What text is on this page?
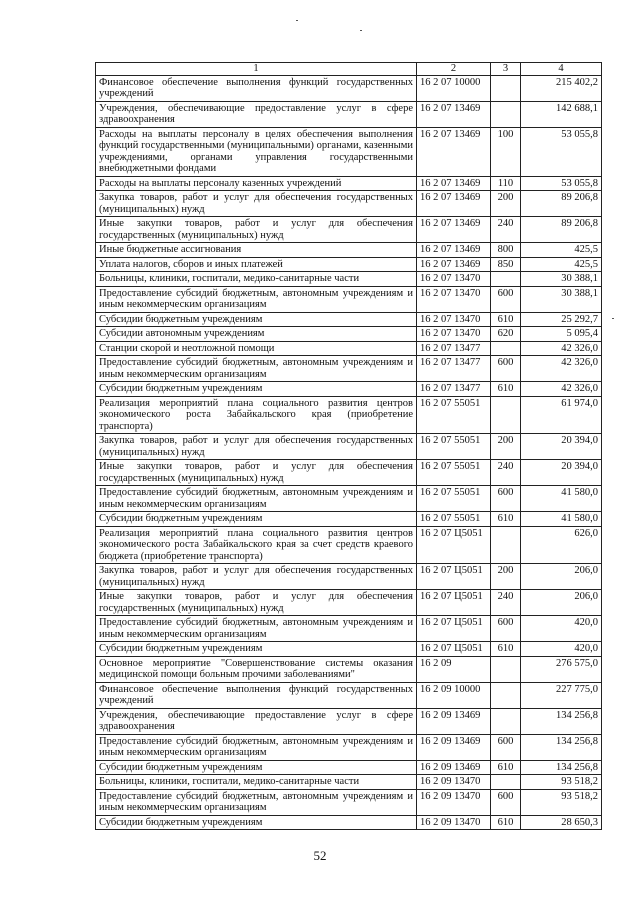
1	2	3	4
Финансовое обеспечение выполнения функций государственных учреждений	16 2 07 10000		215 402,2
Учреждения, обеспечивающие предоставление услуг в сфере здравоохранения	16 2 07 13469		142 688,1
Расходы на выплаты персоналу в целях обеспечения выполнения функций государственными (муниципальными) органами, казенными учреждениями, органами управления государственными внебюджетными фондами	16 2 07 13469	100	53 055,8
Расходы на выплаты персоналу казенных учреждений	16 2 07 13469	110	53 055,8
Закупка товаров, работ и услуг для обеспечения государственных (муниципальных) нужд	16 2 07 13469	200	89 206,8
Иные закупки товаров, работ и услуг для обеспечения государственных (муниципальных) нужд	16 2 07 13469	240	89 206,8
Иные бюджетные ассигнования	16 2 07 13469	800	425,5
Уплата налогов, сборов и иных платежей	16 2 07 13469	850	425,5
Больницы, клиники, госпитали, медико-санитарные части	16 2 07 13470		30 388,1
Предоставление субсидий бюджетным, автономным учреждениям и иным некоммерческим организациям	16 2 07 13470	600	30 388,1
Субсидии бюджетным учреждениям	16 2 07 13470	610	25 292,7
Субсидии автономным учреждениям	16 2 07 13470	620	5 095,4
Станции скорой и неотложной помощи	16 2 07 13477		42 326,0
Предоставление субсидий бюджетным, автономным учреждениям и иным некоммерческим организациям	16 2 07 13477	600	42 326,0
Субсидии бюджетным учреждениям	16 2 07 13477	610	42 326,0
Реализация мероприятий плана социального развития центров экономического роста Забайкальского края (приобретение транспорта)	16 2 07 55051		61 974,0
Закупка товаров, работ и услуг для обеспечения государственных (муниципальных) нужд	16 2 07 55051	200	20 394,0
Иные закупки товаров, работ и услуг для обеспечения государственных (муниципальных) нужд	16 2 07 55051	240	20 394,0
Предоставление субсидий бюджетным, автономным учреждениям и иным некоммерческим организациям	16 2 07 55051	600	41 580,0
Субсидии бюджетным учреждениям	16 2 07 55051	610	41 580,0
Реализация мероприятий плана социального развития центров экономического роста Забайкальского края за счет средств краевого бюджета (приобретение транспорта)	16 2 07 Ц5051		626,0
Закупка товаров, работ и услуг для обеспечения государственных (муниципальных) нужд	16 2 07 Ц5051	200	206,0
Иные закупки товаров, работ и услуг для обеспечения государственных (муниципальных) нужд	16 2 07 Ц5051	240	206,0
Предоставление субсидий бюджетным, автономным учреждениям и иным некоммерческим организациям	16 2 07 Ц5051	600	420,0
Субсидии бюджетным учреждениям	16 2 07 Ц5051	610	420,0
Основное мероприятие "Совершенствование системы оказания медицинской помощи больным прочими заболеваниями"	16 2 09		276 575,0
Финансовое обеспечение выполнения функций государственных учреждений	16 2 09 10000		227 775,0
Учреждения, обеспечивающие предоставление услуг в сфере здравоохранения	16 2 09 13469		134 256,8
Предоставление субсидий бюджетным, автономным учреждениям и иным некоммерческим организациям	16 2 09 13469	600	134 256,8
Субсидии бюджетным учреждениям	16 2 09 13469	610	134 256,8
Больницы, клиники, госпитали, медико-санитарные части	16 2 09 13470		93 518,2
Предоставление субсидий бюджетным, автономным учреждениям и иным некоммерческим организациям	16 2 09 13470	600	93 518,2
Субсидии бюджетным учреждениям	16 2 09 13470	610	28 650,3
52
